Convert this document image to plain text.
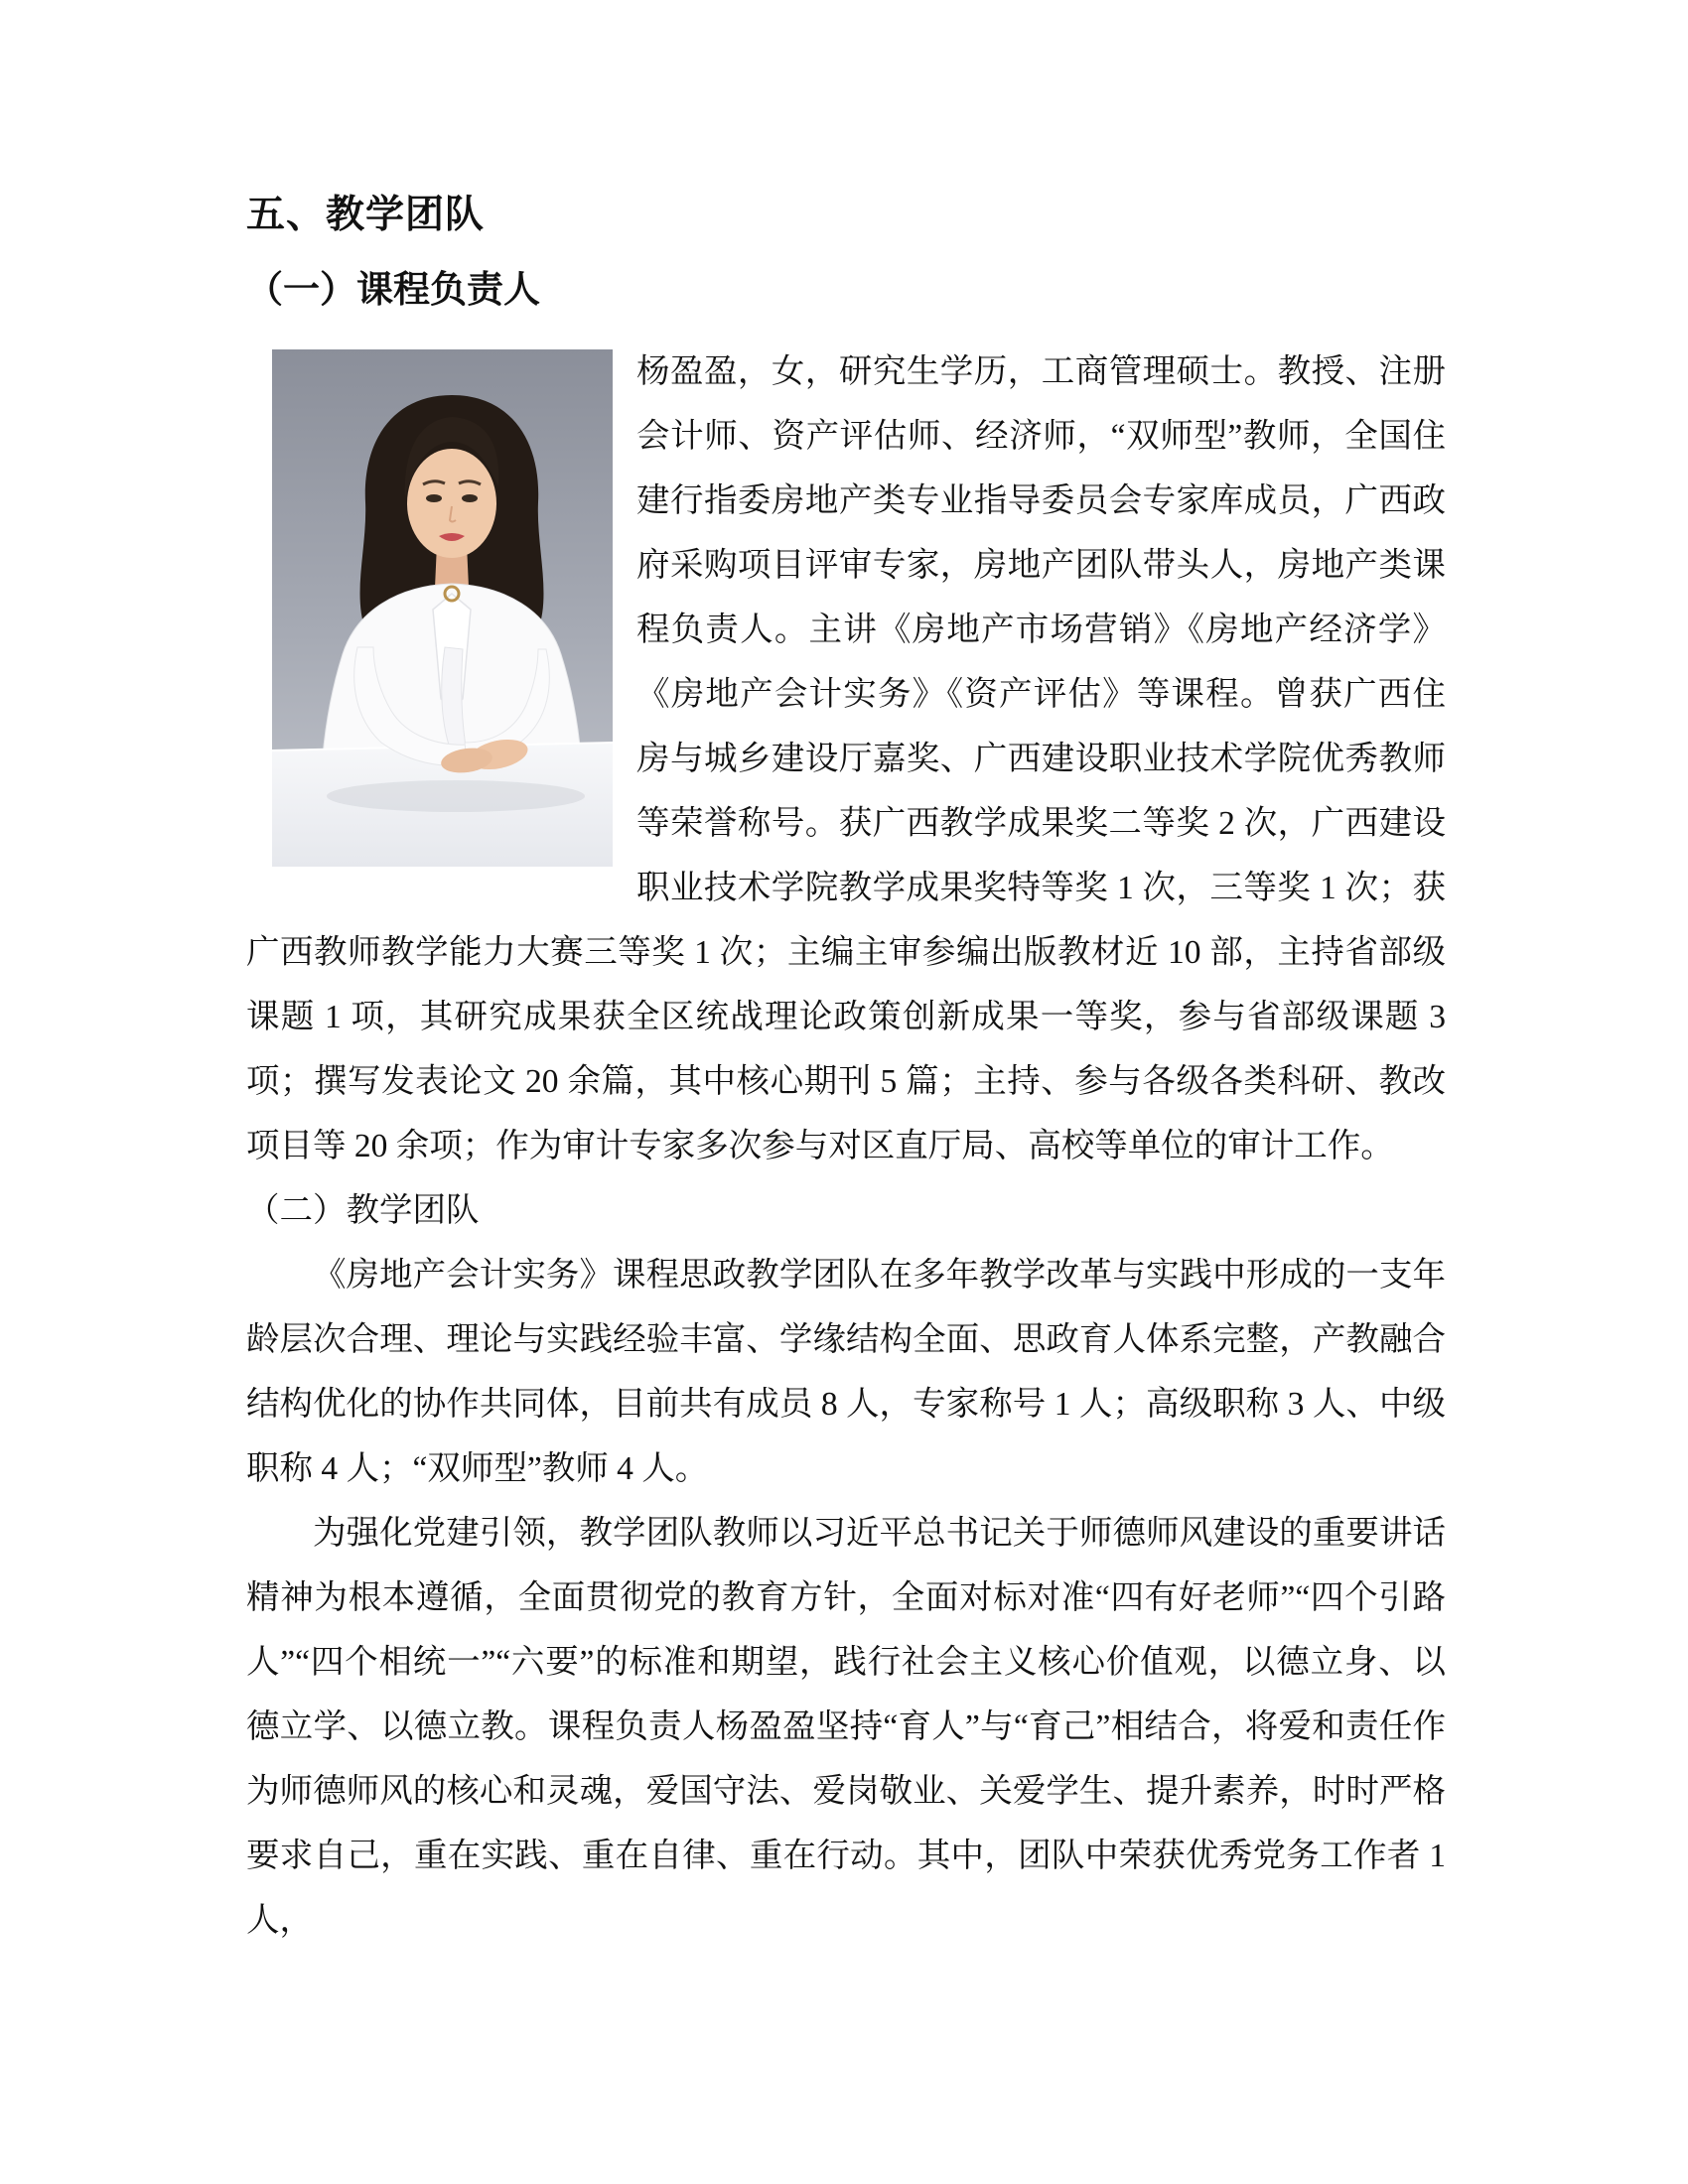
五、教学团队
（一）课程负责人

杨盈盈，女，研究生学历，工商管理硕士。教授、注册会计师、资产评估师、经济师，“双师型”教师，全国住建行指委房地产类专业指导委员会专家库成员，广西政府采购项目评审专家，房地产团队带头人，房地产类课程负责人。主讲《房地产市场营销》《房地产经济学》《房地产会计实务》《资产评估》等课程。曾获广西住房与城乡建设厅嘉奖、广西建设职业技术学院优秀教师等荣誉称号。获广西教学成果奖二等奖 2 次，广西建设职业技术学院教学成果奖特等奖 1 次，三等奖 1 次；获广西教师教学能力大赛三等奖 1 次；主编主审参编出版教材近 10 部，主持省部级课题 1 项，其研究成果获全区统战理论政策创新成果一等奖，参与省部级课题 3 项；撰写发表论文 20 余篇，其中核心期刊 5 篇；主持、参与各级各类科研、教改项目等 20 余项；作为审计专家多次参与对区直厅局、高校等单位的审计工作。

（二）教学团队

《房地产会计实务》课程思政教学团队在多年教学改革与实践中形成的一支年龄层次合理、理论与实践经验丰富、学缘结构全面、思政育人体系完整，产教融合结构优化的协作共同体，目前共有成员 8 人，专家称号 1 人；高级职称 3 人、中级职称 4 人；“双师型”教师 4 人。

为强化党建引领，教学团队教师以习近平总书记关于师德师风建设的重要讲话精神为根本遵循，全面贯彻党的教育方针，全面对标对准“四有好老师”“四个引路人”“四个相统一”“六要”的标准和期望，践行社会主义核心价值观，以德立身、以德立学、以德立教。课程负责人杨盈盈坚持“育人”与“育己”相结合，将爱和责任作为师德师风的核心和灵魂，爱国守法、爱岗敬业、关爱学生、提升素养，时时严格要求自己，重在实践、重在自律、重在行动。其中，团队中荣获优秀党务工作者 1 人，
